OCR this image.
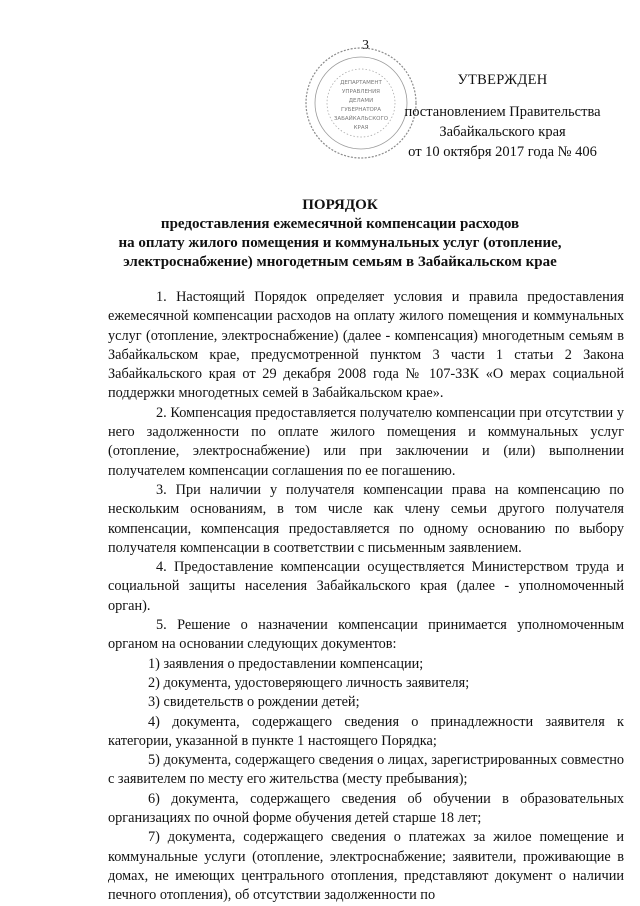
3
ДЕПАРТАМЕНТ
УПРАВЛЕНИЯ
ДЕЛАМИ
ГУБЕРНАТОРА
ЗАБАЙКАЛЬСКОГО
КРАЯ
УТВЕРЖДЕН
постановлением Правительства
Забайкальского края
от 10 октября 2017 года № 406
ПОРЯДОК
предоставления ежемесячной компенсации расходов
на оплату жилого помещения и коммунальных услуг (отопление,
электроснабжение) многодетным семьям в Забайкальском крае

1. Настоящий Порядок определяет условия и правила предоставления ежемесячной компенсации расходов на оплату жилого помещения и коммунальных услуг (отопление, электроснабжение) (далее - компенсация) многодетным семьям в Забайкальском крае, предусмотренной пунктом 3 части 1 статьи 2 Закона Забайкальского края от 29 декабря 2008 года № 107-ЗЗК «О мерах социальной поддержки многодетных семей в Забайкальском крае».

2. Компенсация предоставляется получателю компенсации при отсутствии у него задолженности по оплате жилого помещения и коммунальных услуг (отопление, электроснабжение) или при заключении и (или) выполнении получателем компенсации соглашения по ее погашению.

3. При наличии у получателя компенсации права на компенсацию по нескольким основаниям, в том числе как члену семьи другого получателя компенсации, компенсация предоставляется по одному основанию по выбору получателя компенсации в соответствии с письменным заявлением.

4. Предоставление компенсации осуществляется Министерством труда и социальной защиты населения Забайкальского края (далее - уполномоченный орган).

5. Решение о назначении компенсации принимается уполномоченным органом на основании следующих документов:

1) заявления о предоставлении компенсации;

2) документа, удостоверяющего личность заявителя;

3) свидетельств о рождении детей;

4) документа, содержащего сведения о принадлежности заявителя к категории, указанной в пункте 1 настоящего Порядка;

5) документа, содержащего сведения о лицах, зарегистрированных совместно с заявителем по месту его жительства (месту пребывания);

6) документа, содержащего сведения об обучении в образовательных организациях по очной форме обучения детей старше 18 лет;

7) документа, содержащего сведения о платежах за жилое помещение и коммунальные услуги (отопление, электроснабжение; заявители, проживающие в домах, не имеющих центрального отопления, представляют документ о наличии печного отопления), об отсутствии задолженности по
